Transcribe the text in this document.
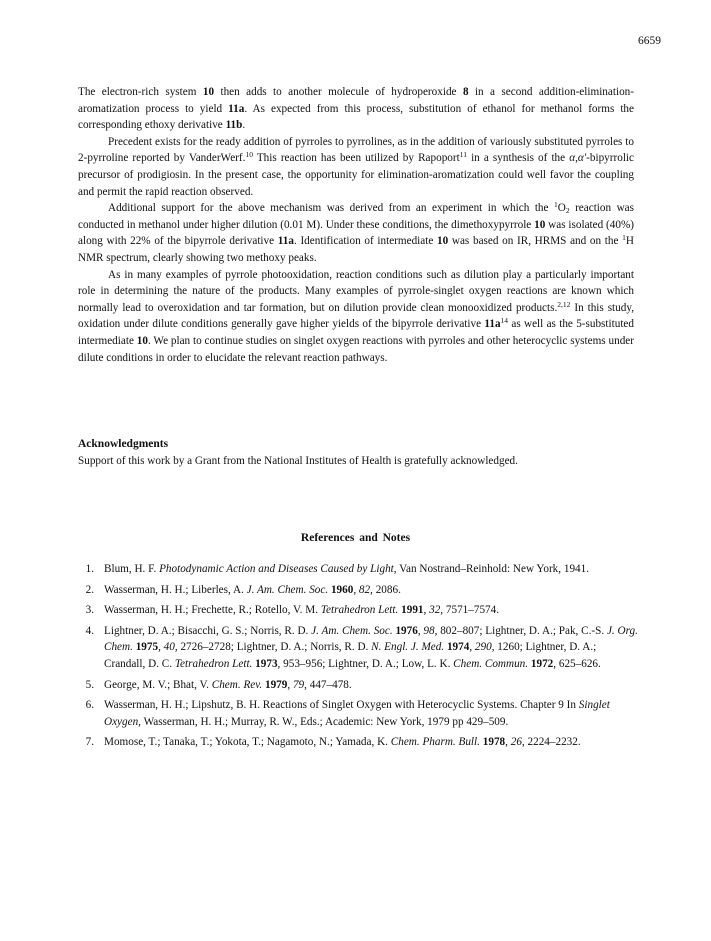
6659

The electron-rich system 10 then adds to another molecule of hydroperoxide 8 in a second addition-elimination-aromatization process to yield 11a. As expected from this process, substitution of ethanol for methanol forms the corresponding ethoxy derivative 11b.

Precedent exists for the ready addition of pyrroles to pyrrolines, as in the addition of variously substituted pyrroles to 2-pyrroline reported by VanderWerf.$^{10}$ This reaction has been utilized by Rapoport$^{11}$ in a synthesis of the α,α'-bipyrrolic precursor of prodigiosin. In the present case, the opportunity for elimination-aromatization could well favor the coupling and permit the rapid reaction observed.

Additional support for the above mechanism was derived from an experiment in which the $^1O_2$ reaction was conducted in methanol under higher dilution (0.01 M). Under these conditions, the dimethoxypyrrole 10 was isolated (40%) along with 22% of the bipyrrole derivative 11a. Identification of intermediate 10 was based on IR, HRMS and on the $^1$H NMR spectrum, clearly showing two methoxy peaks.

As in many examples of pyrrole photooxidation, reaction conditions such as dilution play a particularly important role in determining the nature of the products. Many examples of pyrrole-singlet oxygen reactions are known which normally lead to overoxidation and tar formation, but on dilution provide clean monooxidized products.$^{2,12}$ In this study, oxidation under dilute conditions generally gave higher yields of the bipyrrole derivative $11a^{14}$ as well as the 5-substituted intermediate 10. We plan to continue studies on singlet oxygen reactions with pyrroles and other heterocyclic systems under dilute conditions in order to elucidate the relevant reaction pathways.

Acknowledgments
Support of this work by a Grant from the National Institutes of Health is gratefully acknowledged.
References and Notes
1. Blum, H. F. Photodynamic Action and Diseases Caused by Light, Van Nostrand–Reinhold: New York, 1941.
2. Wasserman, H. H.; Liberles, A. J. Am. Chem. Soc. 1960, 82, 2086.
3. Wasserman, H. H.; Frechette, R.; Rotello, V. M. Tetrahedron Lett. 1991, 32, 7571–7574.
4. Lightner, D. A.; Bisacchi, G. S.; Norris, R. D. J. Am. Chem. Soc. 1976, 98, 802–807; Lightner, D. A.; Pak, C.-S. J. Org. Chem. 1975, 40, 2726–2728; Lightner, D. A.; Norris, R. D. N. Engl. J. Med. 1974, 290, 1260; Lightner, D. A.; Crandall, D. C. Tetrahedron Lett. 1973, 953–956; Lightner, D. A.; Low, L. K. Chem. Commun. 1972, 625–626.
5. George, M. V.; Bhat, V. Chem. Rev. 1979, 79, 447–478.
6. Wasserman, H. H.; Lipshutz, B. H. Reactions of Singlet Oxygen with Heterocyclic Systems. Chapter 9 In Singlet Oxygen, Wasserman, H. H.; Murray, R. W., Eds.; Academic: New York, 1979 pp 429–509.
7. Momose, T.; Tanaka, T.; Yokota, T.; Nagamoto, N.; Yamada, K. Chem. Pharm. Bull. 1978, 26, 2224–2232.
